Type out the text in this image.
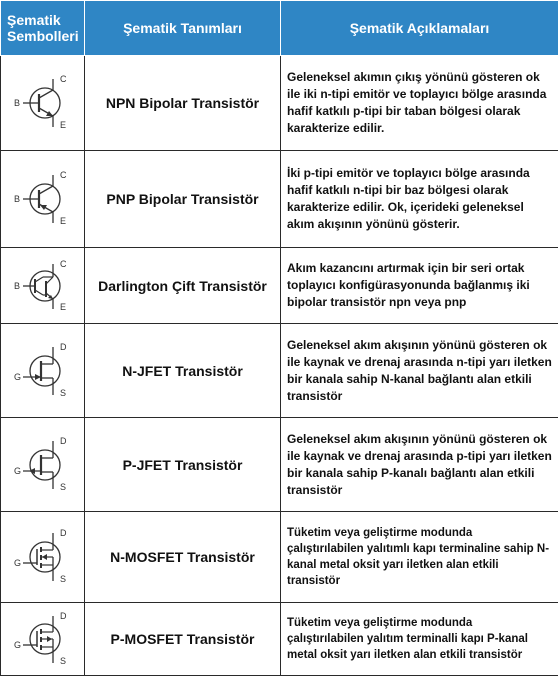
Şematik Sembolleri	Şematik Tanımları	Şematik Açıklamaları

B
C
E	NPN Bipolar Transistör	Geleneksel akımın çıkış yönünü gösteren ok ile iki n-tipi emitör ve toplayıcı bölge arasında hafif katkılı p-tipi bir taban bölgesi olarak karakterize edilir.

B
C
E	PNP Bipolar Transistör	İki p-tipi emitör ve toplayıcı bölge arasında hafif katkılı n-tipi bir baz bölgesi olarak karakterize edilir. Ok, içerideki geleneksel akım akışının yönünü gösterir.

B
C
E	Darlington Çift Transistör	Akım kazancını artırmak için bir seri ortak toplayıcı konfigürasyonunda bağlanmış iki bipolar transistör npn veya pnp

G
D
S	N-JFET Transistör	Geleneksel akım akışının yönünü gösteren ok ile kaynak ve drenaj arasında n-tipi yarı iletken bir kanala sahip N-kanal bağlantı alan etkili transistör

G
D
S	P-JFET Transistör	Geleneksel akım akışının yönünü gösteren ok ile kaynak ve drenaj arasında p-tipi yarı iletken bir kanala sahip P-kanalı bağlantı alan etkili transistör

G
D
S	N-MOSFET Transistör	Tüketim veya geliştirme modunda çalıştırılabilen yalıtımlı kapı terminaline sahip N-kanal metal oksit yarı iletken alan etkili transistör

G
D
S	P-MOSFET Transistör	Tüketim veya geliştirme modunda çalıştırılabilen yalıtım terminalli kapı P-kanal metal oksit yarı iletken alan etkili transistör
